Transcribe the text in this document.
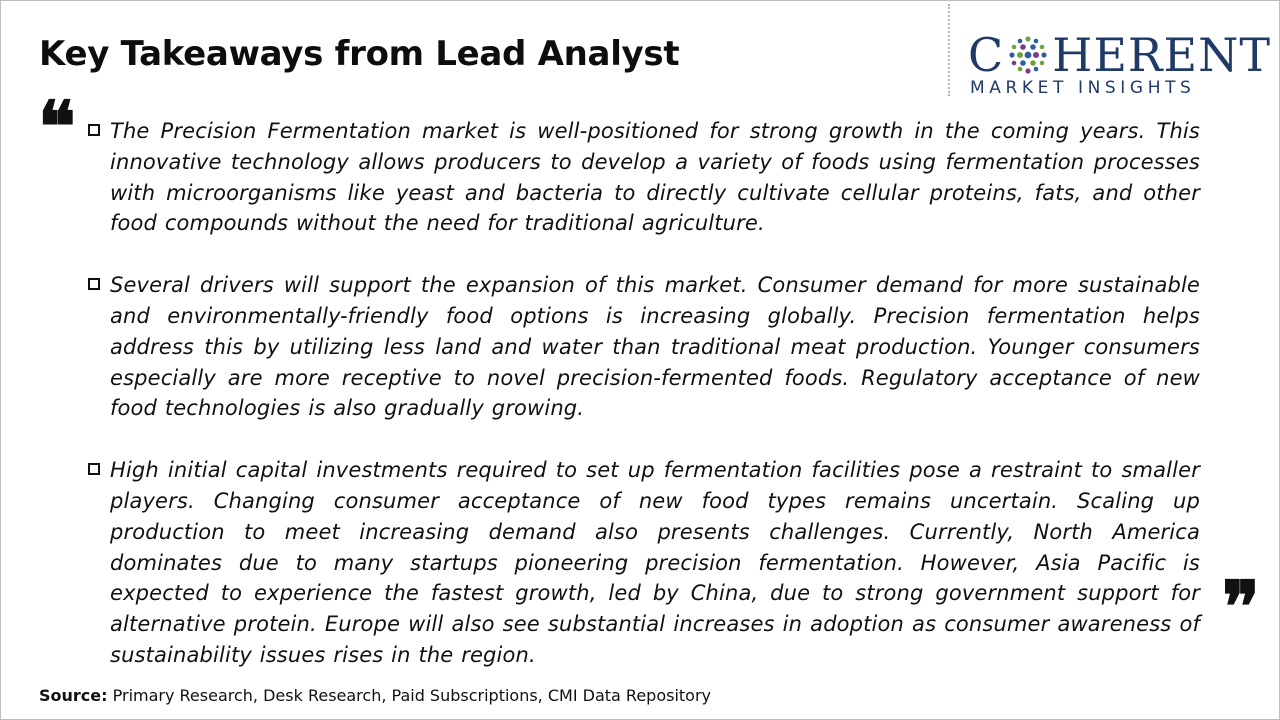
Key Takeaways from Lead Analyst	C HERENT
MARKET INSIGHTS
❝ The Precision Fermentation market is well-positioned for strong growth in the coming years. This innovative technology allows producers to develop a variety of foods using fermentation processes with microorganisms like yeast and bacteria to directly cultivate cellular proteins, fats, and other food compounds without the need for traditional agriculture.
Several drivers will support the expansion of this market. Consumer demand for more sustainable and environmentally-friendly food options is increasing globally. Precision fermentation helps address this by utilizing less land and water than traditional meat production. Younger consumers especially are more receptive to novel precision-fermented foods. Regulatory acceptance of new food technologies is also gradually growing.
High initial capital investments required to set up fermentation facilities pose a restraint to smaller players. Changing consumer acceptance of new food types remains uncertain. Scaling up production to meet increasing demand also presents challenges. Currently, North America dominates due to many startups pioneering precision fermentation. However, Asia Pacific is expected to experience the fastest growth, led by China, due to strong government support for alternative protein. Europe will also see substantial increases in adoption as consumer awareness of sustainability issues rises in the region.
❞
Source: Primary Research, Desk Research, Paid Subscriptions, CMI Data Repository
